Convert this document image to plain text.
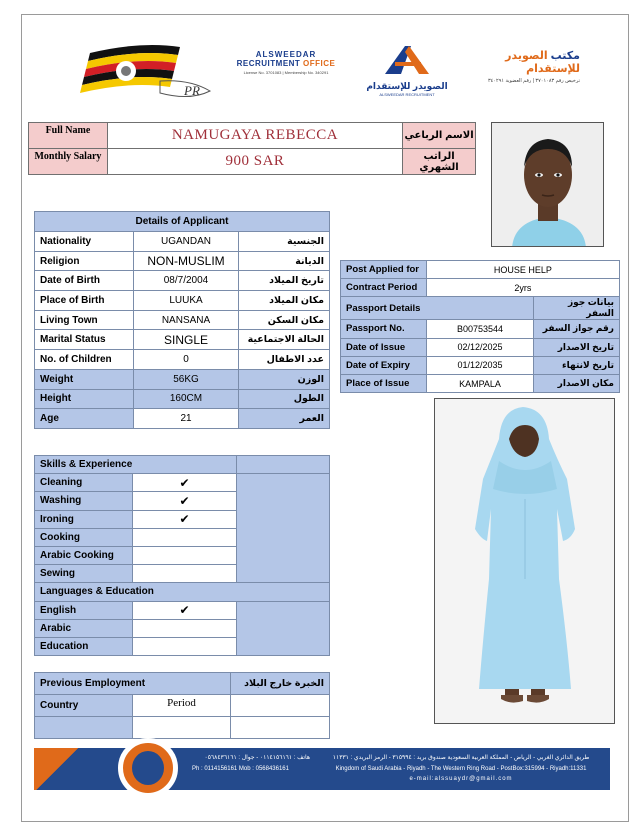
PR
ALSWEEDAR
RECRUITMENT OFFICE
License No. 3701083 | Membership No. 340291
الصويدر للإستقدام
ALSWEEDAR RECRUITMENT
مكتب الصويدر للإستقدام
ترخيص رقم ٣٧٠١٠٨٣ | رقم العضوية ٣٤٠٢٩١
Full Name	NAMUGAYA REBECCA	الاسم الرباعي
Monthly Salary	900 SAR	الراتب الشهري
Details of Applicant		
Nationality	UGANDAN	الجنسية
Religion	NON-MUSLIM	الديانة
Date of Birth	08/7/2004	تاريخ الميلاد
Place of Birth	LUUKA	مكان الميلاد
Living Town	NANSANA	مكان السكن
Marital Status	SINGLE	الحالة الاجتماعية
No. of Children	0	عدد الاطفال
Weight	56KG	الوزن
Height	160CM	الطول
Age	21	العمر
Post Applied for	HOUSE HELP	
Contract Period	2yrs	
Passport Details		بيانات جوز السفر
Passport No.	B00753544	رقم جواز السفر
Date of Issue	02/12/2025	تاريخ الاصدار
Date of Expiry	01/12/2035	تاريخ لانتهاء
Place of Issue	KAMPALA	مكان الاصدار
Skills & Experience		
Cleaning	✔	
Washing	✔	
Ironing	✔	
Cooking		
Arabic Cooking		
Sewing		
Languages & Education		
English	✔	
Arabic		
Education		
Previous Employment		الخبرة خارج البلاد
Country	Period	

هاتف : ٠١١٤١٥٦١٦١ - جوال : ٠٥٦٨٤٣٦١٦١
Ph : 0114156161 Mob : 0568436161
طريق الدائري الغربي - الرياض - المملكة العربية السعودية صندوق بريد : ٣١٥٩٩٤ - الرمز البريدي : ١١٣٣١
Kingdom of Saudi Arabia - Riyadh - The Western Ring Road - PostBox:315994 - Riyadh:11331
e-mail:alssuaydr@gmail.com
